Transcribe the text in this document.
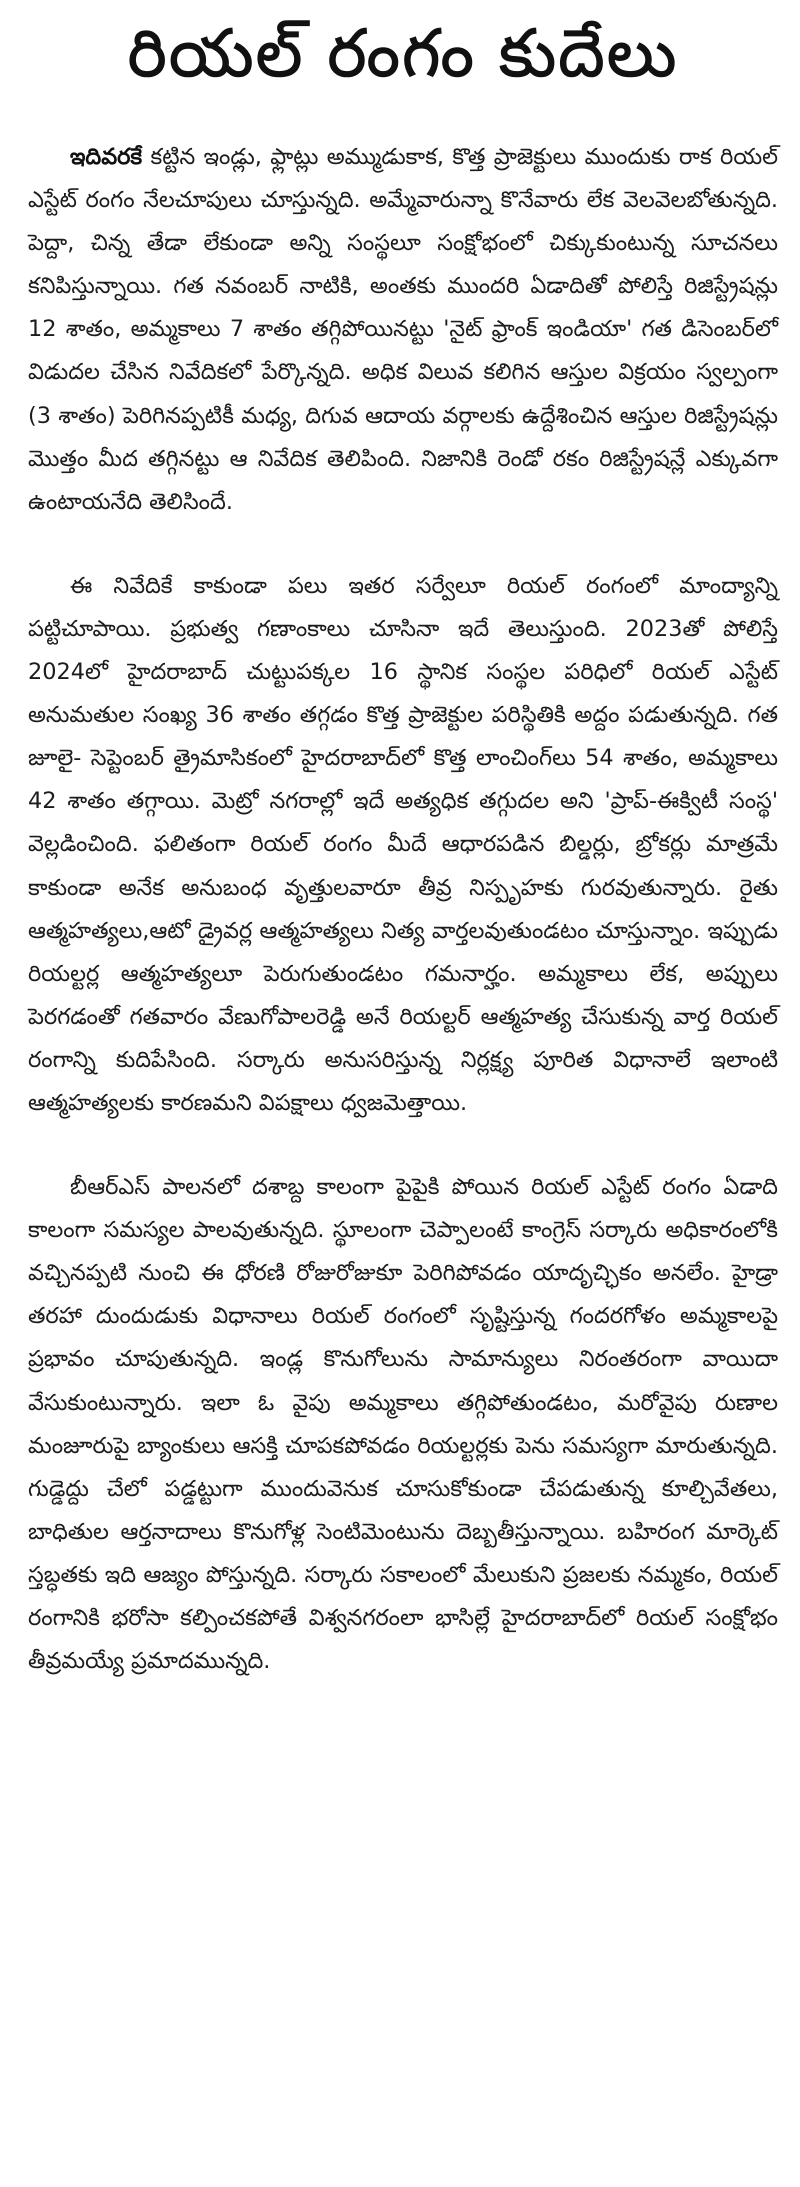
రియల్ రంగం కుదేలు

ఇదివరకే కట్టిన ఇండ్లు, ఫ్లాట్లు అమ్ముడుకాక, కొత్త ప్రాజెక్టులు ముందుకు రాక రియల్ ఎస్టేట్ రంగం నేలచూపులు చూస్తున్నది. అమ్మేవారున్నా కొనేవారు లేక వెలవెలబోతున్నది. పెద్దా, చిన్న తేడా లేకుండా అన్ని సంస్థలూ సంక్షోభంలో చిక్కుకుంటున్న సూచనలు కనిపిస్తున్నాయి. గత నవంబర్ నాటికి, అంతకు ముందరి ఏడాదితో పోలిస్తే రిజిస్ట్రేషన్లు 12 శాతం, అమ్మకాలు 7 శాతం తగ్గిపోయినట్టు 'నైట్ ఫ్రాంక్ ఇండియా' గత డిసెంబర్‌లో విడుదల చేసిన నివేదికలో పేర్కొన్నది. అధిక విలువ కలిగిన ఆస్తుల విక్రయం స్వల్పంగా (3 శాతం) పెరిగినప్పటికీ మధ్య, దిగువ ఆదాయ వర్గాలకు ఉద్దేశించిన ఆస్తుల రిజిస్ట్రేషన్లు మొత్తం మీద తగ్గినట్టు ఆ నివేదిక తెలిపింది. నిజానికి రెండో రకం రిజిస్ట్రేషన్లే ఎక్కువగా ఉంటాయనేది తెలిసిందే.

ఈ నివేదికే కాకుండా పలు ఇతర సర్వేలూ రియల్ రంగంలో మాంద్యాన్ని పట్టిచూపాయి. ప్రభుత్వ గణాంకాలు చూసినా ఇదే తెలుస్తుంది. 2023తో పోలిస్తే 2024లో హైదరాబాద్ చుట్టుపక్కల 16 స్థానిక సంస్థల పరిధిలో రియల్ ఎస్టేట్ అనుమతుల సంఖ్య 36 శాతం తగ్గడం కొత్త ప్రాజెక్టుల పరిస్థితికి అద్దం పడుతున్నది. గత జూలై- సెప్టెంబర్ త్రైమాసికంలో హైదరాబాద్‌లో కొత్త లాంచింగ్‌లు 54 శాతం, అమ్మకాలు 42 శాతం తగ్గాయి. మెట్రో నగరాల్లో ఇదే అత్యధిక తగ్గుదల అని 'ప్రాప్-ఈక్విటీ సంస్థ' వెల్లడించింది. ఫలితంగా రియల్ రంగం మీదే ఆధారపడిన బిల్డర్లు, బ్రోకర్లు మాత్రమే కాకుండా అనేక అనుబంధ వృత్తులవారూ తీవ్ర నిస్పృహకు గురవుతున్నారు. రైతు ఆత్మహత్యలు,ఆటో డ్రైవర్ల ఆత్మహత్యలు నిత్య వార్తలవుతుండటం చూస్తున్నాం. ఇప్పుడు రియల్టర్ల ఆత్మహత్యలూ పెరుగుతుండటం గమనార్హం. అమ్మకాలు లేక, అప్పులు పెరగడంతో గతవారం వేణుగోపాలరెడ్డి అనే రియల్టర్ ఆత్మహత్య చేసుకున్న వార్త రియల్ రంగాన్ని కుదిపేసింది. సర్కారు అనుసరిస్తున్న నిర్లక్ష్య పూరిత విధానాలే ఇలాంటి ఆత్మహత్యలకు కారణమని విపక్షాలు ధ్వజమెత్తాయి.

బీఆర్ఎస్ పాలనలో దశాబ్ద కాలంగా పైపైకి పోయిన రియల్ ఎస్టేట్ రంగం ఏడాది కాలంగా సమస్యల పాలవుతున్నది. స్థూలంగా చెప్పాలంటే కాంగ్రెస్ సర్కారు అధికారంలోకి వచ్చినప్పటి నుంచి ఈ ధోరణి రోజురోజుకూ పెరిగిపోవడం యాదృచ్ఛికం అనలేం. హైడ్రా తరహా దుందుడుకు విధానాలు రియల్ రంగంలో సృష్టిస్తున్న గందరగోళం అమ్మకాలపై ప్రభావం చూపుతున్నది. ఇండ్ల కొనుగోలును సామాన్యులు నిరంతరంగా వాయిదా వేసుకుంటున్నారు. ఇలా ఓ వైపు అమ్మకాలు తగ్గిపోతుండటం, మరోవైపు రుణాల మంజూరుపై బ్యాంకులు ఆసక్తి చూపకపోవడం రియల్టర్లకు పెను సమస్యగా మారుతున్నది. గుడ్డెద్దు చేలో పడ్డట్టుగా ముందువెనుక చూసుకోకుండా చేపడుతున్న కూల్చివేతలు, బాధితుల ఆర్తనాదాలు కొనుగోళ్ల సెంటిమెంటును దెబ్బతీస్తున్నాయి. బహిరంగ మార్కెట్ స్తబ్ధతకు ఇది ఆజ్యం పోస్తున్నది. సర్కారు సకాలంలో మేలుకుని ప్రజలకు నమ్మకం, రియల్ రంగానికి భరోసా కల్పించకపోతే విశ్వనగరంలా భాసిల్లే హైదరాబాద్‌లో రియల్ సంక్షోభం తీవ్రమయ్యే ప్రమాదమున్నది.
